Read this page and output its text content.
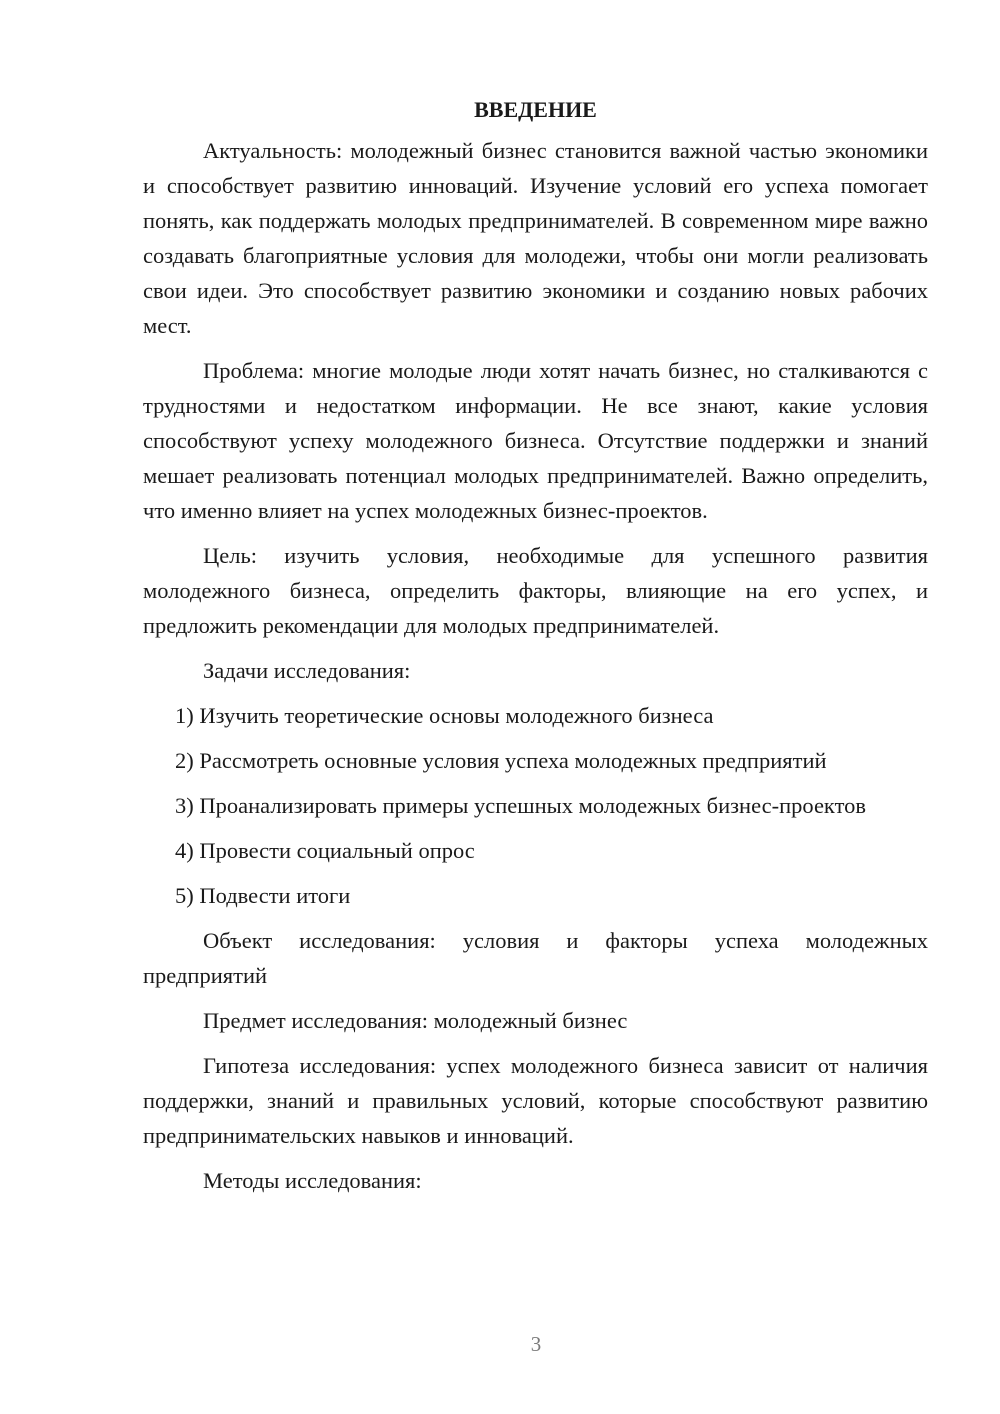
ВВЕДЕНИЕ

Актуальность: молодежный бизнес становится важной частью экономики и способствует развитию инноваций. Изучение условий его успеха помогает понять, как поддержать молодых предпринимателей. В современном мире важно создавать благоприятные условия для молодежи, чтобы они могли реализовать свои идеи. Это способствует развитию экономики и созданию новых рабочих мест.

Проблема: многие молодые люди хотят начать бизнес, но сталкиваются с трудностями и недостатком информации. Не все знают, какие условия способствуют успеху молодежного бизнеса. Отсутствие поддержки и знаний мешает реализовать потенциал молодых предпринимателей. Важно определить, что именно влияет на успех молодежных бизнес-проектов.

Цель: изучить условия, необходимые для успешного развития молодежного бизнеса, определить факторы, влияющие на его успех, и предложить рекомендации для молодых предпринимателей.

Задачи исследования:

1) Изучить теоретические основы молодежного бизнеса

2) Рассмотреть основные условия успеха молодежных предприятий

3) Проанализировать примеры успешных молодежных бизнес-проектов

4) Провести социальный опрос

5) Подвести итоги

Объект исследования: условия и факторы успеха молодежных предприятий

Предмет исследования: молодежный бизнес

Гипотеза исследования: успех молодежного бизнеса зависит от наличия поддержки, знаний и правильных условий, которые способствуют развитию предпринимательских навыков и инноваций.

Методы исследования:

3
